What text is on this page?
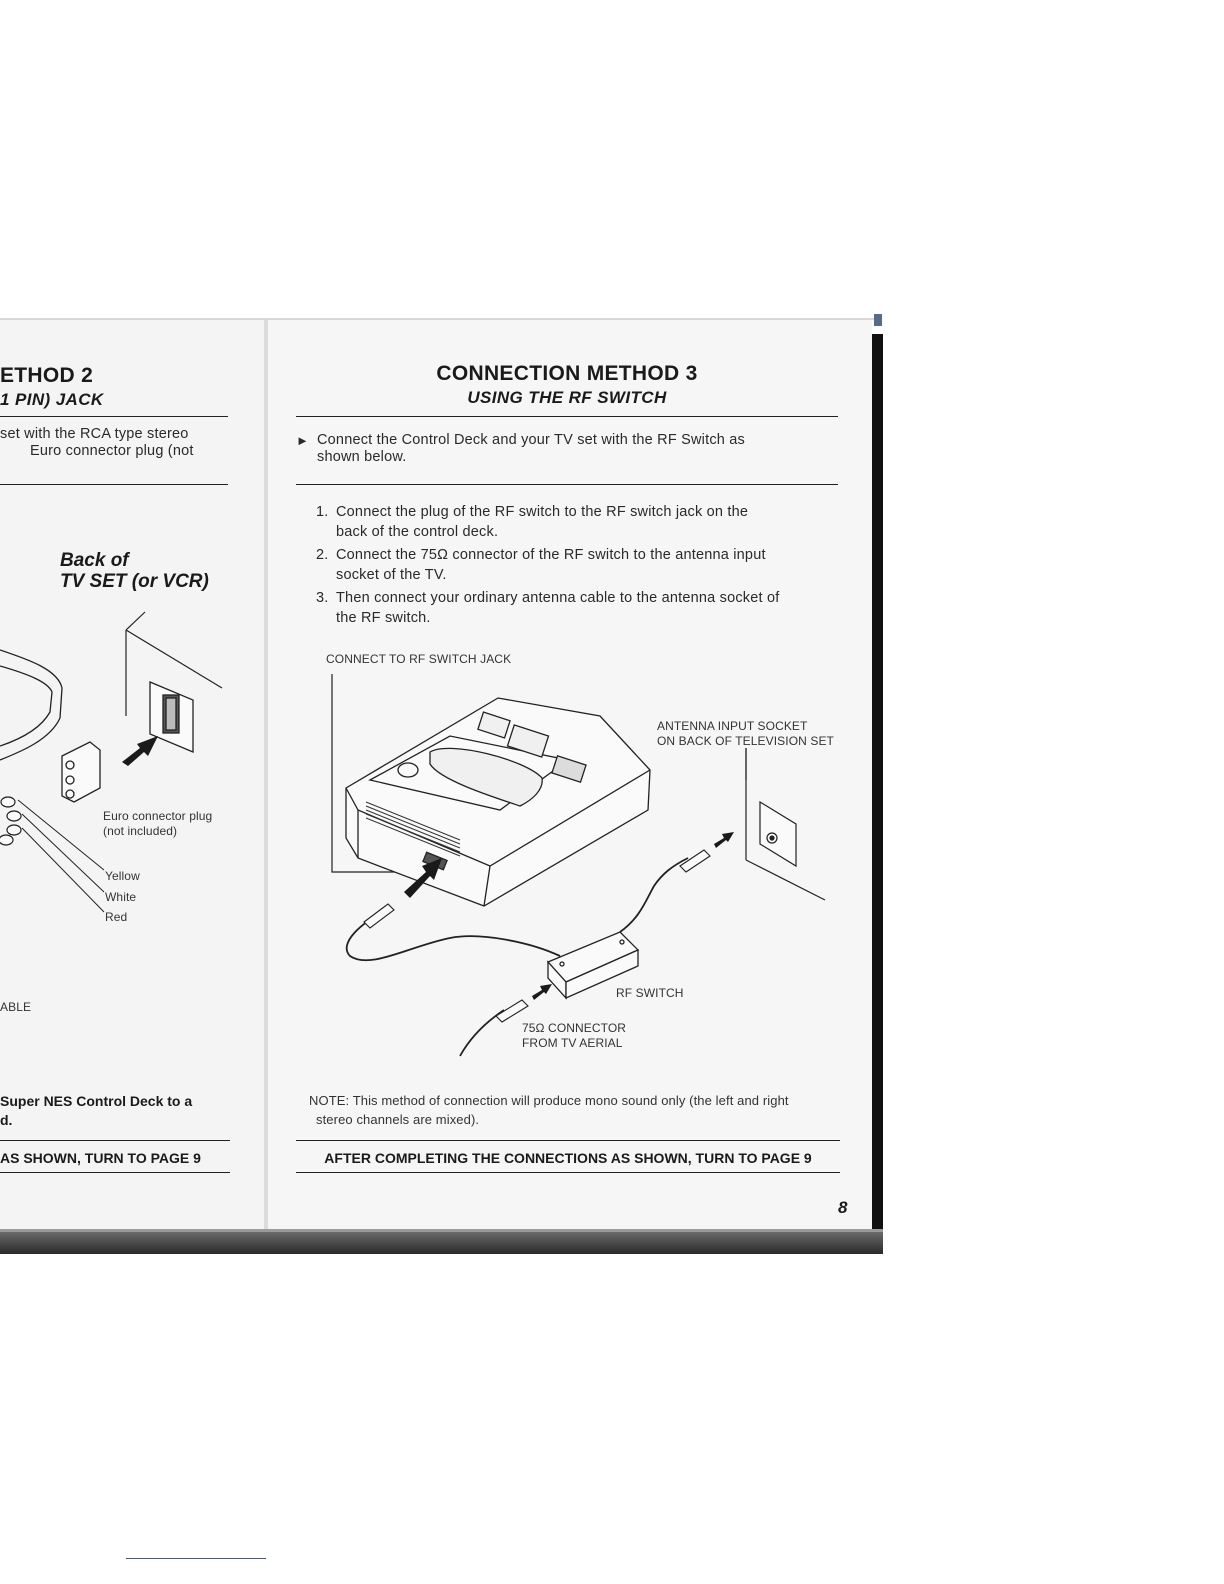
ETHOD 2
1 PIN) JACK
set with the RCA type stereo
Euro connector plug (not
Back of
TV SET (or VCR)
Euro connector plug
(not included)
Yellow
White
Red
ABLE
Super NES Control Deck to a
d.
AS SHOWN, TURN TO PAGE 9
CONNECTION METHOD 3
USING THE RF SWITCH
► Connect the Control Deck and your TV set with the RF Switch as
shown below.
1. Connect the plug of the RF switch to the RF switch jack on the
back of the control deck.
2. Connect the 75Ω connector of the RF switch to the antenna input
socket of the TV.
3. Then connect your ordinary antenna cable to the antenna socket of
the RF switch.
CONNECT TO RF SWITCH JACK
ANTENNA INPUT SOCKET
ON BACK OF TELEVISION SET
RF SWITCH
75Ω CONNECTOR
FROM TV AERIAL
NOTE: This method of connection will produce mono sound only (the left and right
stereo channels are mixed).
AFTER COMPLETING THE CONNECTIONS AS SHOWN, TURN TO PAGE 9
8
